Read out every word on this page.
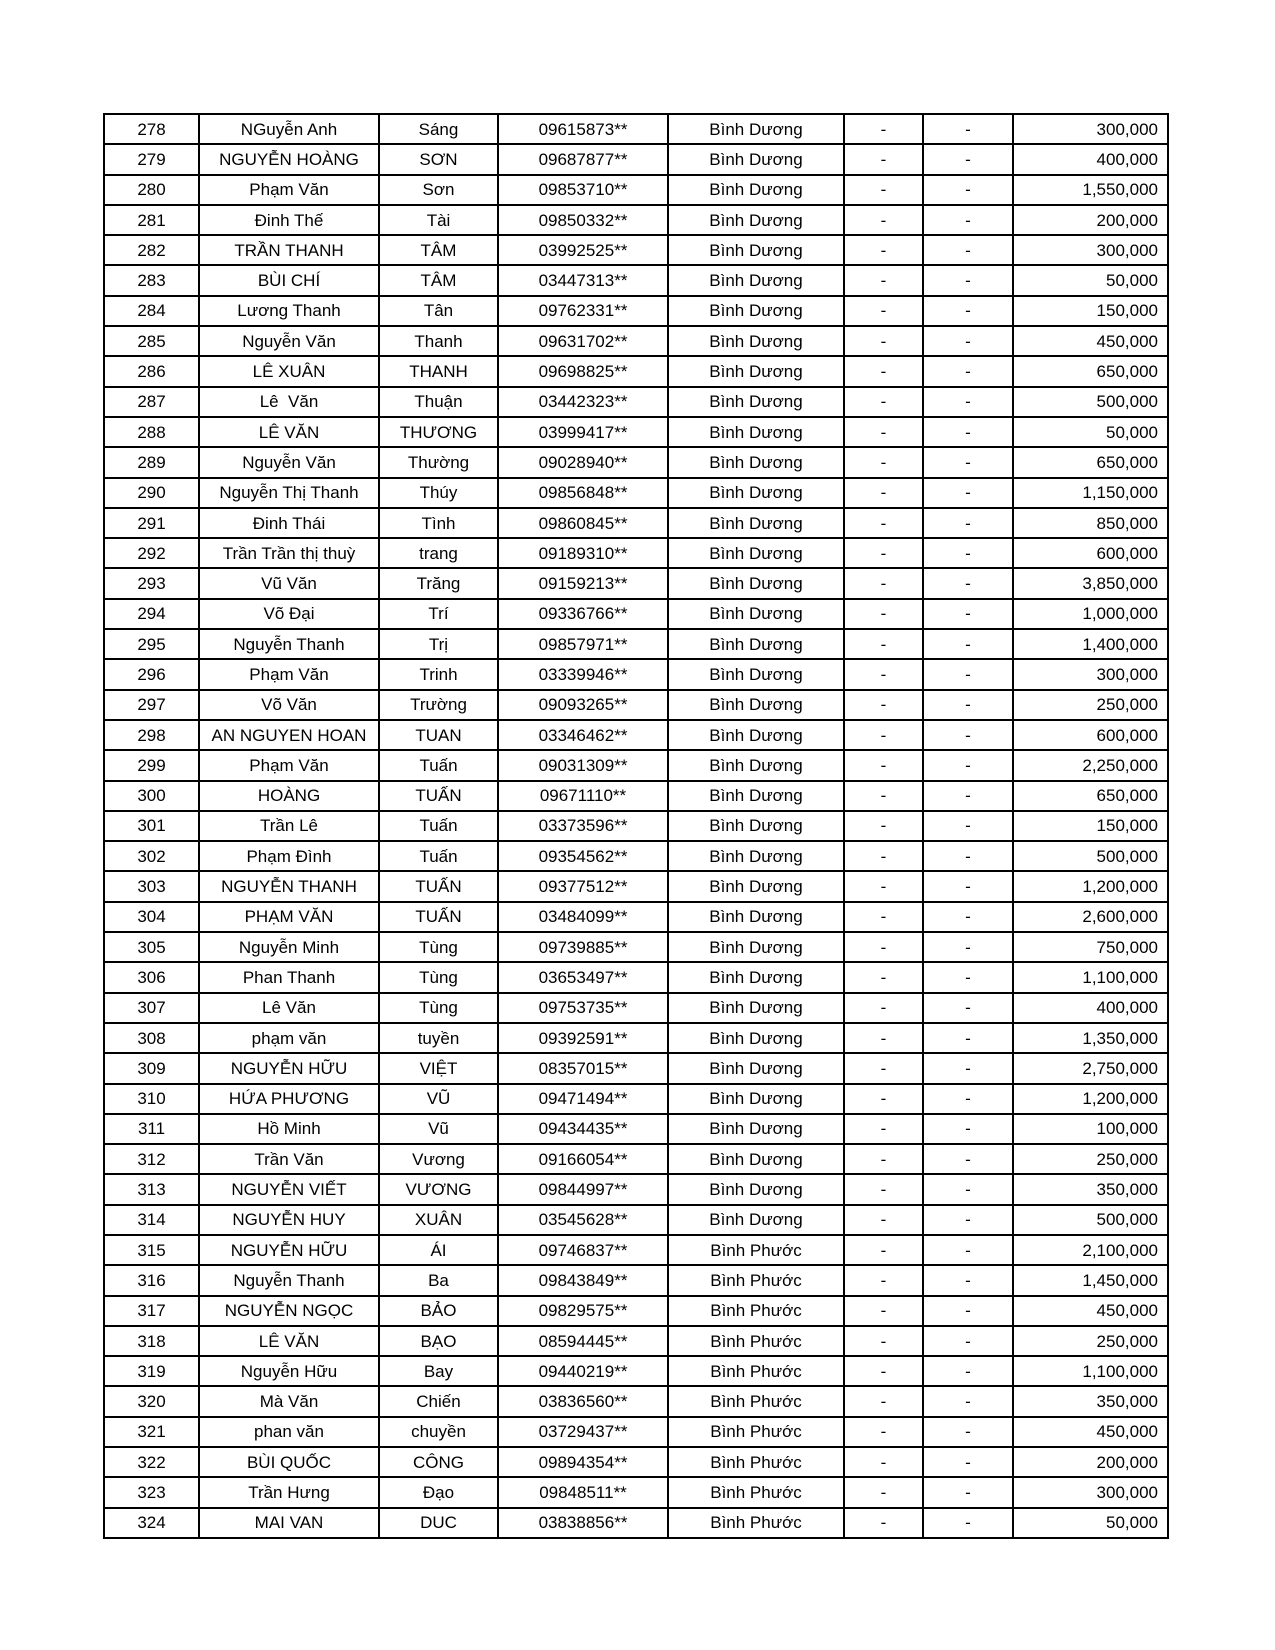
278	NGuyễn Anh	Sáng	09615873**	Bình Dương	-	-	300,000
279	NGUYỄN HOÀNG	SƠN	09687877**	Bình Dương	-	-	400,000
280	Phạm Văn	Sơn	09853710**	Bình Dương	-	-	1,550,000
281	Đinh Thế	Tài	09850332**	Bình Dương	-	-	200,000
282	TRẦN THANH	TÂM	03992525**	Bình Dương	-	-	300,000
283	BÙI CHÍ	TÂM	03447313**	Bình Dương	-	-	50,000
284	Lương Thanh	Tân	09762331**	Bình Dương	-	-	150,000
285	Nguyễn Văn	Thanh	09631702**	Bình Dương	-	-	450,000
286	LÊ XUÂN	THANH	09698825**	Bình Dương	-	-	650,000
287	Lê  Văn	Thuận	03442323**	Bình Dương	-	-	500,000
288	LÊ VĂN	THƯƠNG	03999417**	Bình Dương	-	-	50,000
289	Nguyễn Văn	Thường	09028940**	Bình Dương	-	-	650,000
290	Nguyễn Thị Thanh	Thúy	09856848**	Bình Dương	-	-	1,150,000
291	Đinh Thái	Tình	09860845**	Bình Dương	-	-	850,000
292	Trần Trần thị thuỳ	trang	09189310**	Bình Dương	-	-	600,000
293	Vũ Văn	Trăng	09159213**	Bình Dương	-	-	3,850,000
294	Võ Đại	Trí	09336766**	Bình Dương	-	-	1,000,000
295	Nguyễn Thanh	Trị	09857971**	Bình Dương	-	-	1,400,000
296	Phạm Văn	Trinh	03339946**	Bình Dương	-	-	300,000
297	Võ Văn	Trường	09093265**	Bình Dương	-	-	250,000
298	AN NGUYEN HOAN	TUAN	03346462**	Bình Dương	-	-	600,000
299	Phạm Văn	Tuấn	09031309**	Bình Dương	-	-	2,250,000
300	HOÀNG	TUẤN	09671110**	Bình Dương	-	-	650,000
301	Trần Lê	Tuấn	03373596**	Bình Dương	-	-	150,000
302	Phạm Đình	Tuấn	09354562**	Bình Dương	-	-	500,000
303	NGUYỄN THANH	TUẤN	09377512**	Bình Dương	-	-	1,200,000
304	PHẠM VĂN	TUẤN	03484099**	Bình Dương	-	-	2,600,000
305	Nguyễn Minh	Tùng	09739885**	Bình Dương	-	-	750,000
306	Phan Thanh	Tùng	03653497**	Bình Dương	-	-	1,100,000
307	Lê Văn	Tùng	09753735**	Bình Dương	-	-	400,000
308	phạm văn	tuyền	09392591**	Bình Dương	-	-	1,350,000
309	NGUYỄN HỮU	VIỆT	08357015**	Bình Dương	-	-	2,750,000
310	HỨA PHƯƠNG	VŨ	09471494**	Bình Dương	-	-	1,200,000
311	Hồ Minh	Vũ	09434435**	Bình Dương	-	-	100,000
312	Trần Văn	Vương	09166054**	Bình Dương	-	-	250,000
313	NGUYỄN VIẾT	VƯƠNG	09844997**	Bình Dương	-	-	350,000
314	NGUYỄN HUY	XUÂN	03545628**	Bình Dương	-	-	500,000
315	NGUYỄN HỮU	ÁI	09746837**	Bình Phước	-	-	2,100,000
316	Nguyễn Thanh	Ba	09843849**	Bình Phước	-	-	1,450,000
317	NGUYỄN NGỌC	BẢO	09829575**	Bình Phước	-	-	450,000
318	LÊ VĂN	BẠO	08594445**	Bình Phước	-	-	250,000
319	Nguyễn Hữu	Bay	09440219**	Bình Phước	-	-	1,100,000
320	Mà Văn	Chiến	03836560**	Bình Phước	-	-	350,000
321	phan văn	chuyền	03729437**	Bình Phước	-	-	450,000
322	BÙI QUỐC	CÔNG	09894354**	Bình Phước	-	-	200,000
323	Trần Hưng	Đạo	09848511**	Bình Phước	-	-	300,000
324	MAI VAN	DUC	03838856**	Bình Phước	-	-	50,000
